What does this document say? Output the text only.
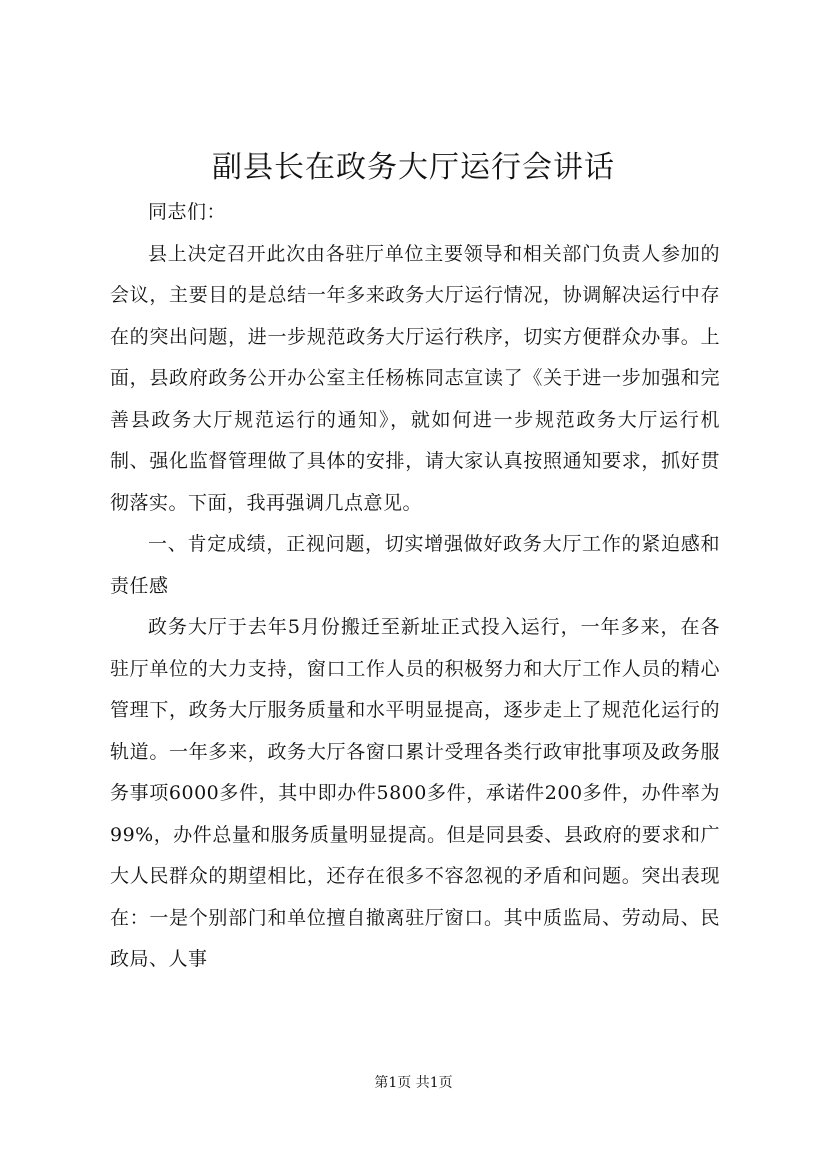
副县长在政务大厅运行会讲话

同志们：

县上决定召开此次由各驻厅单位主要领导和相关部门负责人参加的会议，主要目的是总结一年多来政务大厅运行情况，协调解决运行中存在的突出问题，进一步规范政务大厅运行秩序，切实方便群众办事。上面，县政府政务公开办公室主任杨栋同志宣读了《关于进一步加强和完善县政务大厅规范运行的通知》，就如何进一步规范政务大厅运行机制、强化监督管理做了具体的安排，请大家认真按照通知要求，抓好贯彻落实。下面，我再强调几点意见。

一、肯定成绩，正视问题，切实增强做好政务大厅工作的紧迫感和责任感

政务大厅于去年5月份搬迁至新址正式投入运行，一年多来，在各驻厅单位的大力支持，窗口工作人员的积极努力和大厅工作人员的精心管理下，政务大厅服务质量和水平明显提高，逐步走上了规范化运行的轨道。一年多来，政务大厅各窗口累计受理各类行政审批事项及政务服务事项6000多件，其中即办件5800多件，承诺件200多件，办件率为99%，办件总量和服务质量明显提高。但是同县委、县政府的要求和广大人民群众的期望相比，还存在很多不容忽视的矛盾和问题。突出表现在：一是个别部门和单位擅自撤离驻厅窗口。其中质监局、劳动局、民政局、人事

第1页 共1页
